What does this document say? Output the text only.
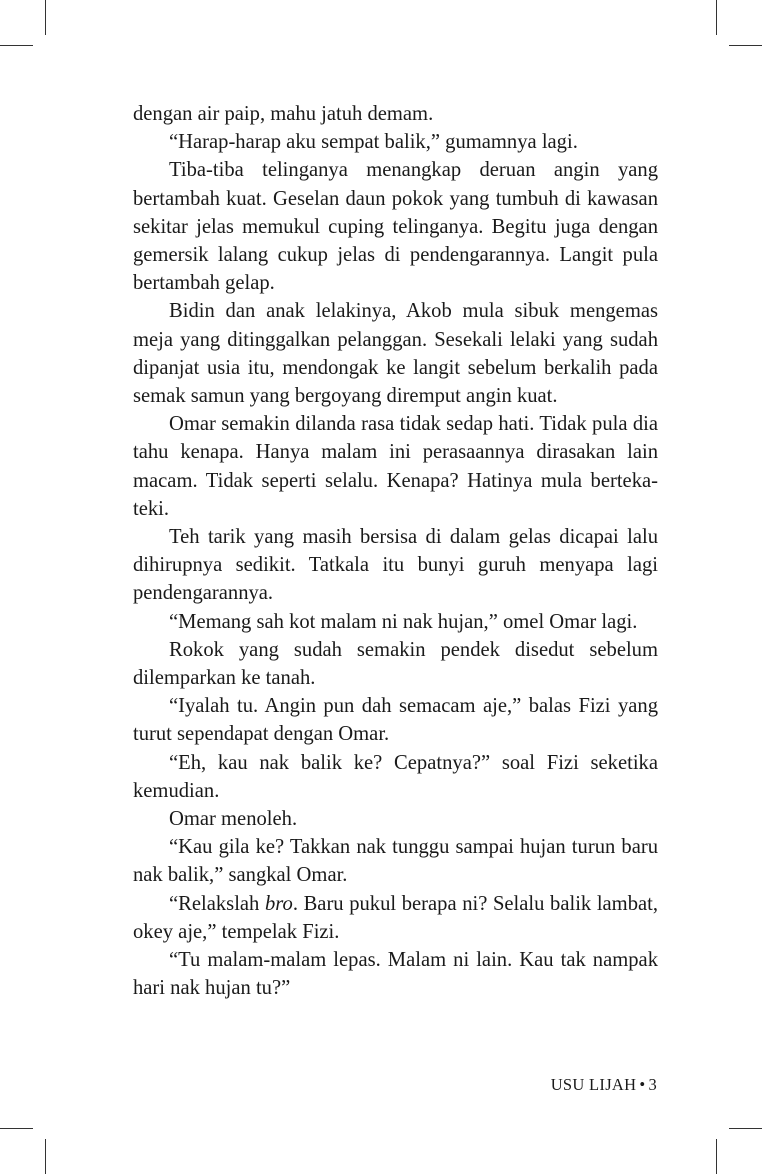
dengan air paip, mahu jatuh demam.

“Harap-harap aku sempat balik,” gumamnya lagi.

Tiba-tiba telinganya menangkap deruan angin yang bertambah kuat. Geselan daun pokok yang tumbuh di kawasan sekitar jelas memukul cuping telinganya. Begitu juga dengan gemersik lalang cukup jelas di pendengarannya. Langit pula bertambah gelap.

Bidin dan anak lelakinya, Akob mula sibuk mengemas meja yang ditinggalkan pelanggan. Sesekali lelaki yang sudah dipanjat usia itu, mendongak ke langit sebelum berkalih pada semak samun yang bergoyang diremput angin kuat.

Omar semakin dilanda rasa tidak sedap hati. Tidak pula dia tahu kenapa. Hanya malam ini perasaannya dirasakan lain macam. Tidak seperti selalu. Kenapa? Hatinya mula berteka-teki.

Teh tarik yang masih bersisa di dalam gelas dicapai lalu dihirupnya sedikit. Tatkala itu bunyi guruh menyapa lagi pendengarannya.

“Memang sah kot malam ni nak hujan,” omel Omar lagi.

Rokok yang sudah semakin pendek disedut sebelum dilemparkan ke tanah.

“Iyalah tu. Angin pun dah semacam aje,” balas Fizi yang turut sependapat dengan Omar.

“Eh, kau nak balik ke? Cepatnya?” soal Fizi seketika kemudian.

Omar menoleh.

“Kau gila ke? Takkan nak tunggu sampai hujan turun baru nak balik,” sangkal Omar.

“Relakslah bro. Baru pukul berapa ni? Selalu balik lambat, okey aje,” tempelak Fizi.

“Tu malam-malam lepas. Malam ni lain. Kau tak nampak hari nak hujan tu?”

USU LIJAH • 3
